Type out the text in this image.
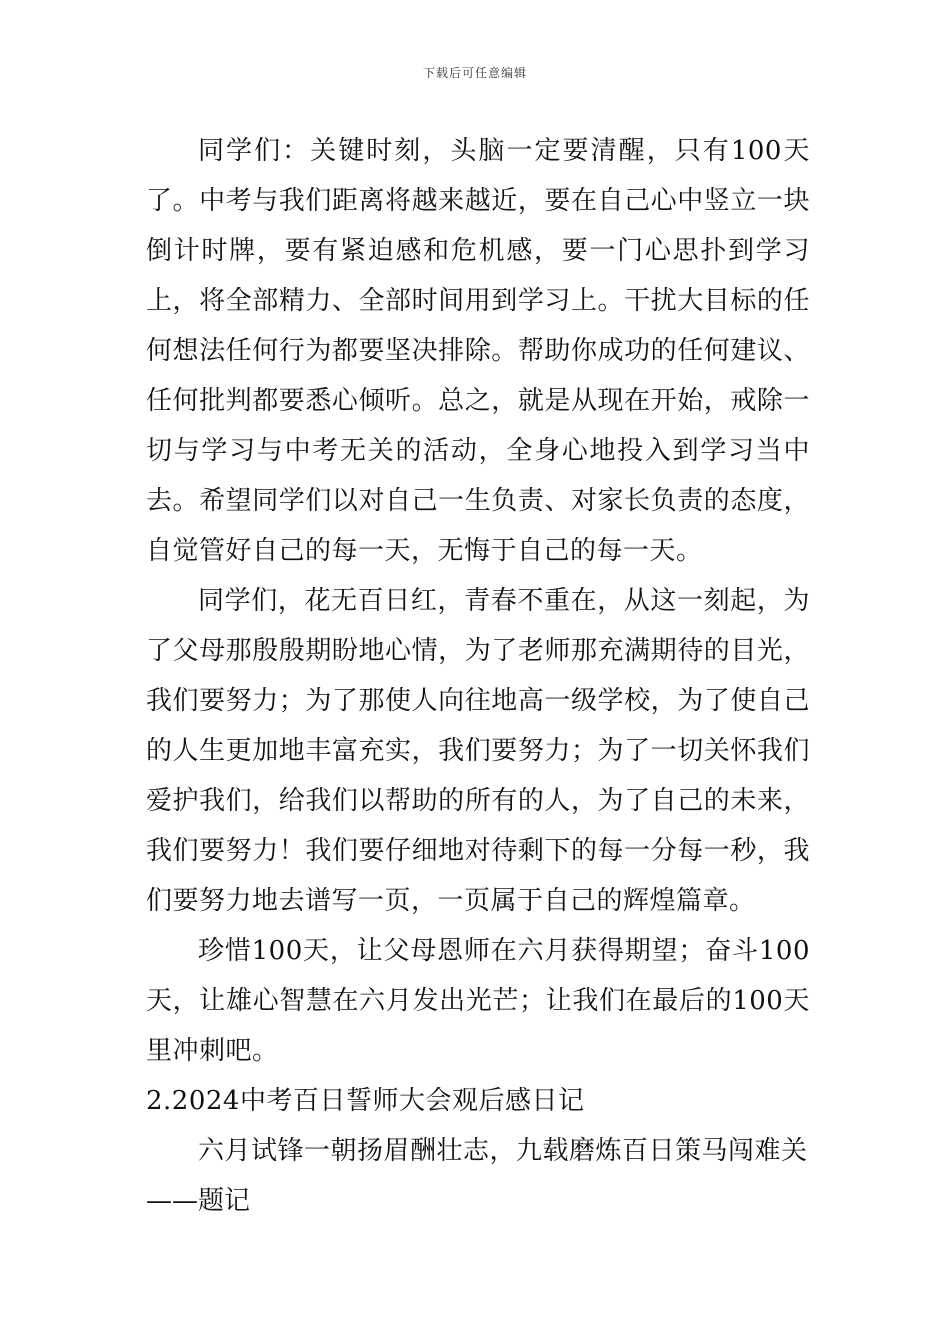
下载后可任意编辑

同学们：关键时刻，头脑一定要清醒，只有100天了。中考与我们距离将越来越近，要在自己心中竖立一块倒计时牌，要有紧迫感和危机感，要一门心思扑到学习上，将全部精力、全部时间用到学习上。干扰大目标的任何想法任何行为都要坚决排除。帮助你成功的任何建议、任何批判都要悉心倾听。总之，就是从现在开始，戒除一切与学习与中考无关的活动，全身心地投入到学习当中去。希望同学们以对自己一生负责、对家长负责的态度，自觉管好自己的每一天，无悔于自己的每一天。

同学们，花无百日红，青春不重在，从这一刻起，为了父母那殷殷期盼地心情，为了老师那充满期待的目光，我们要努力；为了那使人向往地高一级学校，为了使自己的人生更加地丰富充实，我们要努力；为了一切关怀我们爱护我们，给我们以帮助的所有的人，为了自己的未来，我们要努力！我们要仔细地对待剩下的每一分每一秒，我们要努力地去谱写一页，一页属于自己的辉煌篇章。

珍惜100天，让父母恩师在六月获得期望；奋斗100天，让雄心智慧在六月发出光芒；让我们在最后的100天里冲刺吧。

2.2024中考百日誓师大会观后感日记

六月试锋一朝扬眉酬壮志，九载磨炼百日策马闯难关

——题记
